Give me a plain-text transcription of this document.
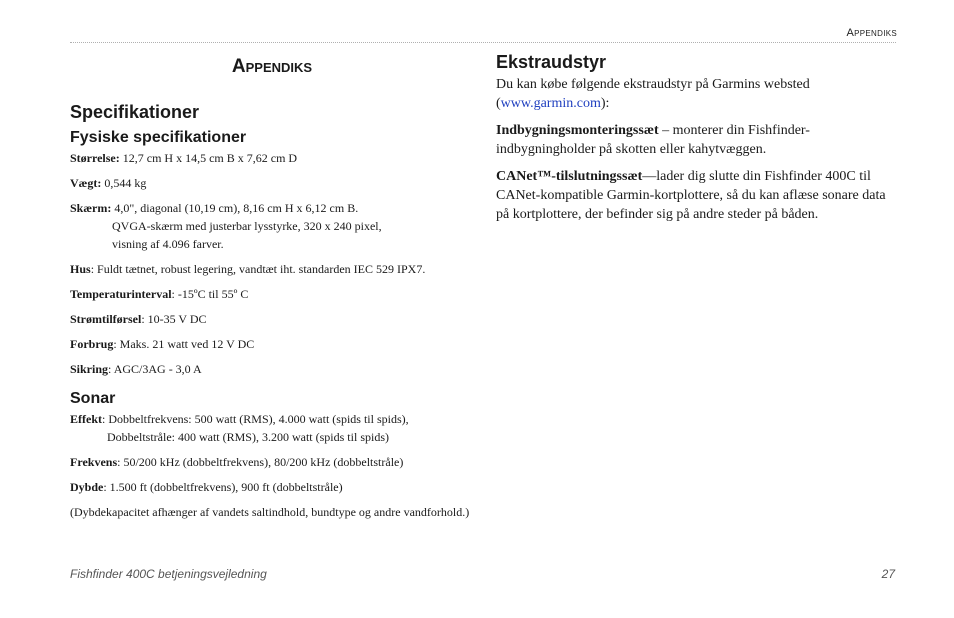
Appendiks
Appendiks
Specifikationer
Fysiske specifikationer

Størrelse: 12,7 cm H x 14,5 cm B x 7,62 cm D

Vægt: 0,544 kg

Skærm: 4,0", diagonal (10,19 cm), 8,16 cm H x 6,12 cm B.
QVGA-skærm med justerbar lysstyrke, 320 x 240 pixel,
visning af 4.096 farver.

Hus: Fuldt tætnet, robust legering, vandtæt iht. standarden IEC 529 IPX7.

Temperaturinterval: -15ºC til 55º C

Strømtilførsel: 10-35 V DC

Forbrug: Maks. 21 watt ved 12 V DC

Sikring: AGC/3AG - 3,0 A

Sonar

Effekt: Dobbeltfrekvens: 500 watt (RMS), 4.000 watt (spids til spids),
Dobbeltstråle: 400 watt (RMS), 3.200 watt (spids til spids)

Frekvens: 50/200 kHz (dobbeltfrekvens), 80/200 kHz (dobbeltstråle)

Dybde: 1.500 ft (dobbeltfrekvens), 900 ft (dobbeltstråle)

(Dybdekapacitet afhænger af vandets saltindhold, bundtype og andre vandforhold.)

Ekstraudstyr

Du kan købe følgende ekstraudstyr på Garmins websted
(www.garmin.com):

Indbygningsmonteringssæt – monterer din Fishfinder-indbygningholder på skotten eller kahytvæggen.

CANet™-tilslutningssæt—lader dig slutte din Fishfinder 400C til CANet-kompatible Garmin-kortplottere, så du kan aflæse sonare data på kortplottere, der befinder sig på andre steder på båden.

Fishfinder 400C betjeningsvejledning	27
